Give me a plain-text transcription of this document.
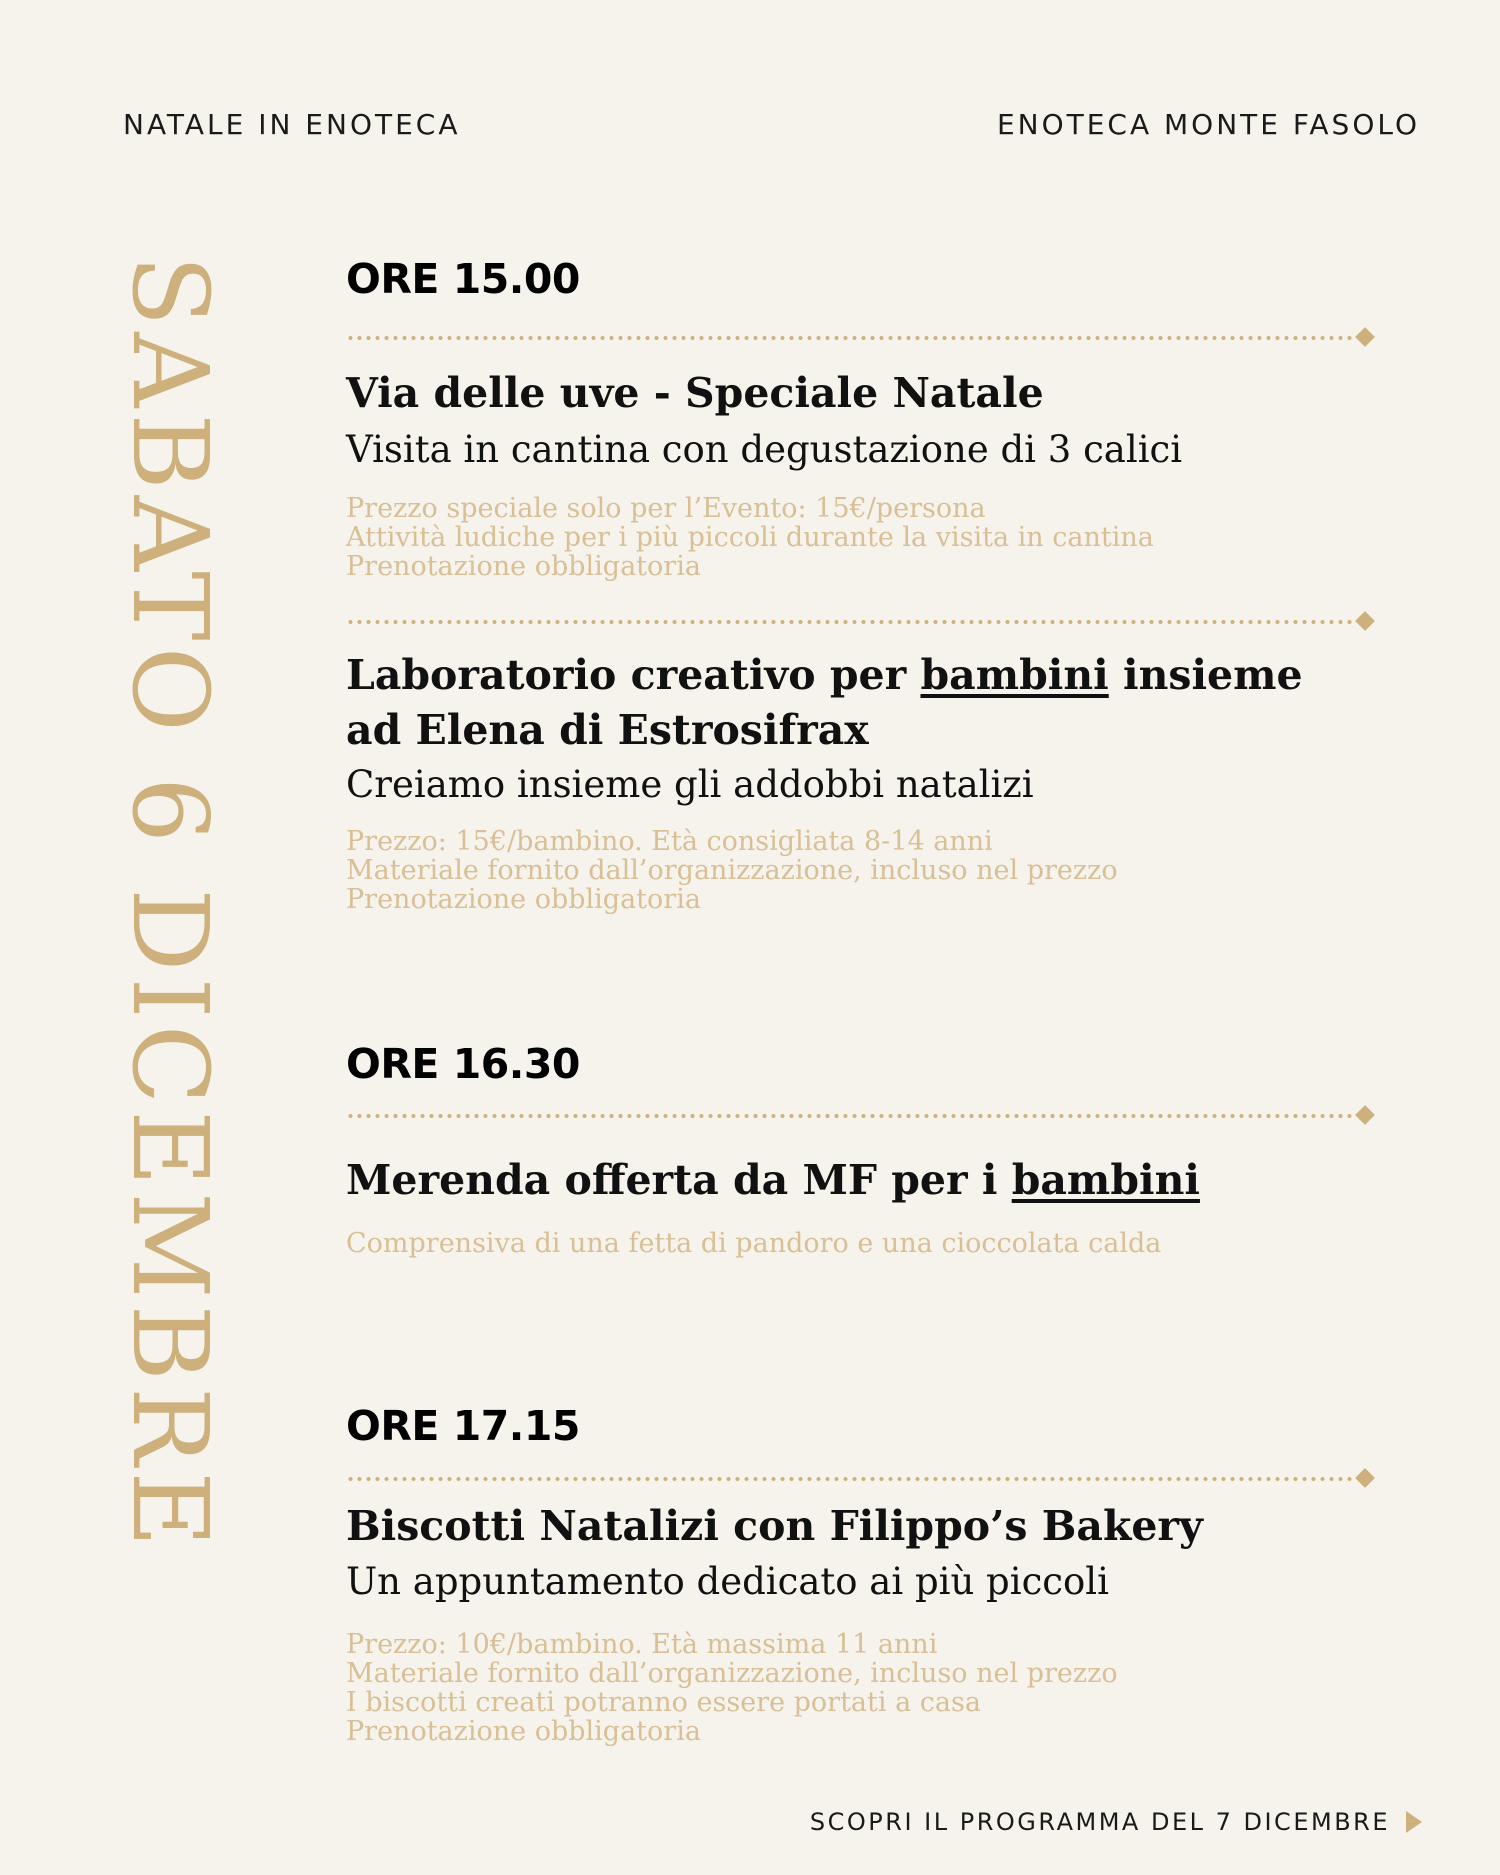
NATALE IN ENOTECA	ENOTECA MONTE FASOLO
SABATO 6 DICEMBRE	ORE 15.00
Via delle uve - Speciale Natale
Visita in cantina con degustazione di 3 calici
Prezzo speciale solo per l’Evento: 15€/persona
Attività ludiche per i più piccoli durante la visita in cantina
Prenotazione obbligatoria
Laboratorio creativo per bambini insieme ad Elena di Estrosifrax
Creiamo insieme gli addobbi natalizi
Prezzo: 15€/bambino. Età consigliata 8-14 anni
Materiale fornito dall’organizzazione, incluso nel prezzo
Prenotazione obbligatoria
ORE 16.30
Merenda offerta da MF per i bambini
Comprensiva di una fetta di pandoro e una cioccolata calda
ORE 17.15
Biscotti Natalizi con Filippo’s Bakery
Un appuntamento dedicato ai più piccoli
Prezzo: 10€/bambino. Età massima 11 anni
Materiale fornito dall’organizzazione, incluso nel prezzo
I biscotti creati potranno essere portati a casa
Prenotazione obbligatoria
SCOPRI IL PROGRAMMA DEL 7 DICEMBRE
